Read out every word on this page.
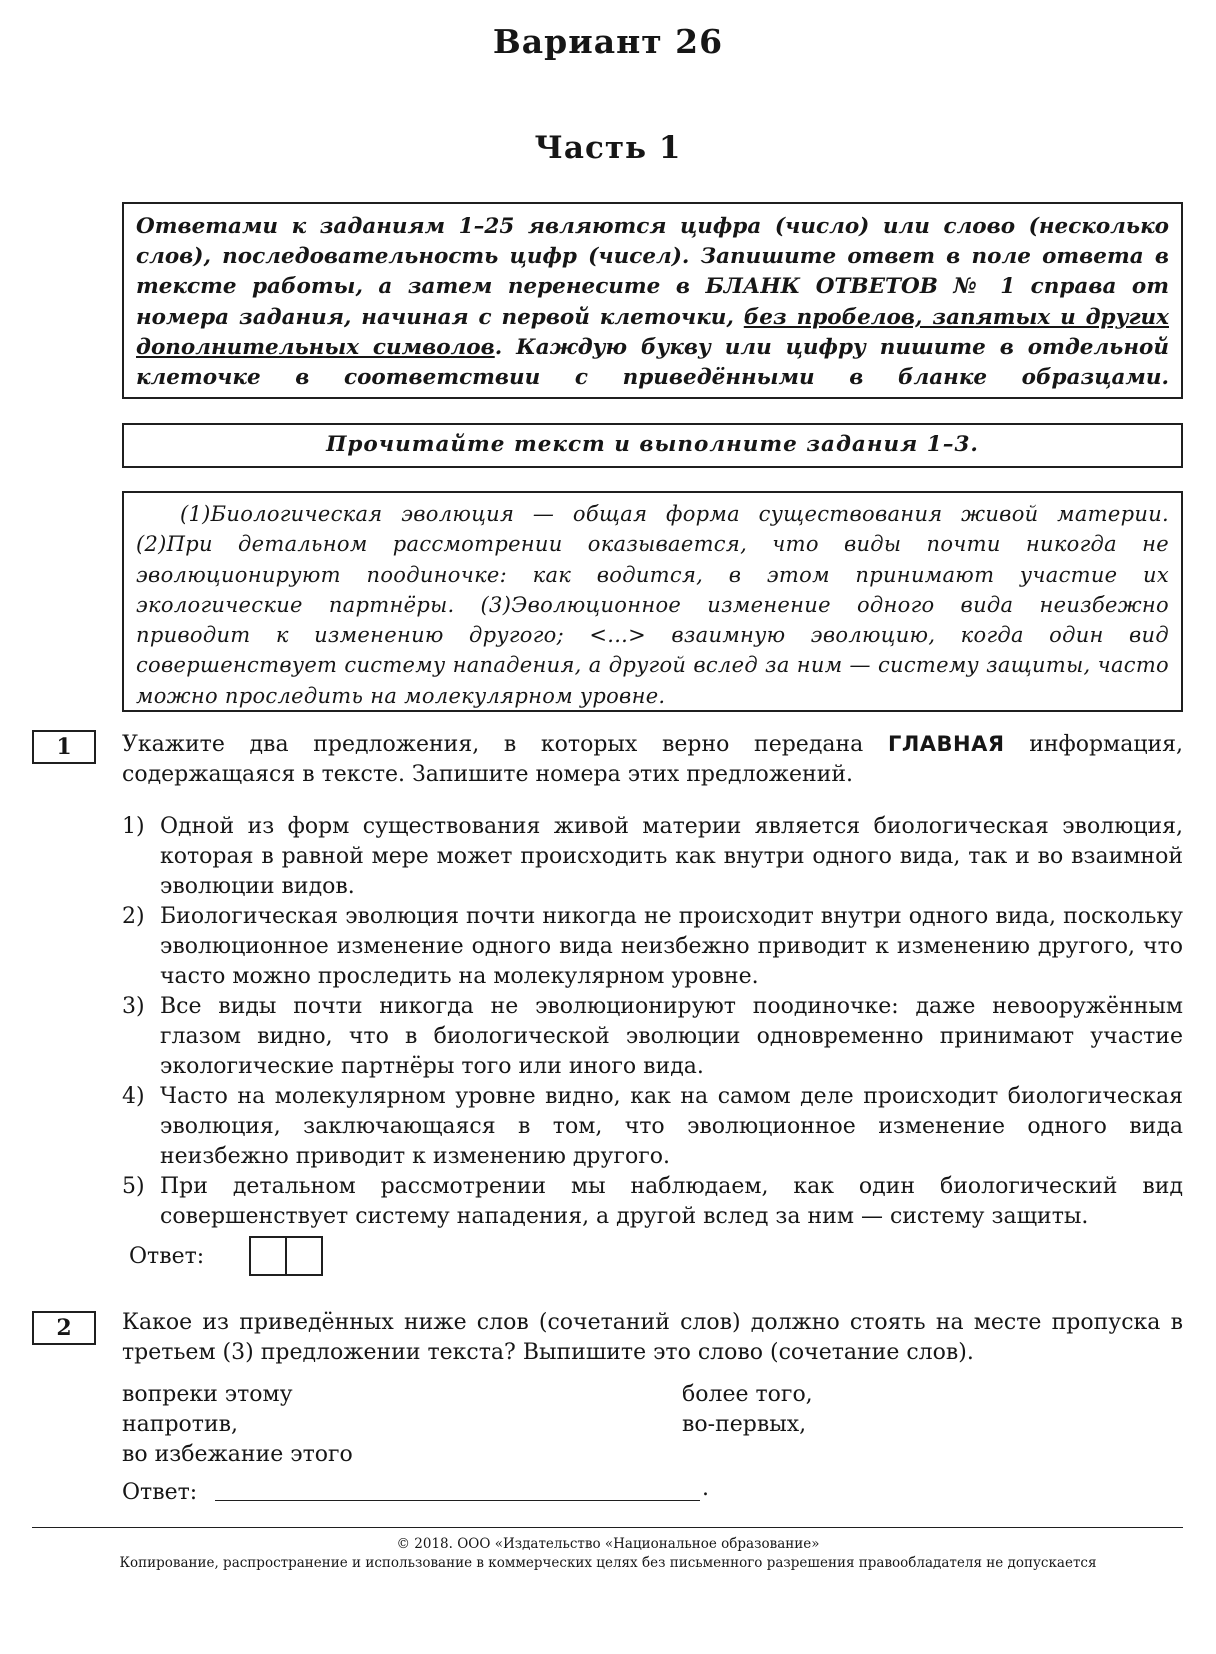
Вариант 26
Часть 1

Ответами к заданиям 1–25 являются цифра (число) или слово (несколько слов), последовательность цифр (чисел). Запишите ответ в поле ответа в тексте работы, а затем перенесите в БЛАНК ОТВЕТОВ № 1 справа от номера задания, начиная с первой клеточки, без пробелов, запятых и других дополнительных символов. Каждую букву или цифру пишите в отдельной клеточке в соответствии с приведёнными в бланке образцами.

Прочитайте текст и выполните задания 1–3.

(1)Биологическая эволюция — общая форма существования живой материи. (2)При детальном рассмотрении оказывается, что виды почти никогда не эволюционируют поодиночке: как водится, в этом принимают участие их экологические партнёры. (3)Эволюционное изменение одного вида неизбежно приводит к изменению другого; <...> взаимную эволюцию, когда один вид совершенствует систему нападения, а другой вслед за ним — систему защиты, часто можно проследить на молекулярном уровне.

1	Укажите два предложения, в которых верно передана ГЛАВНАЯ информация, содержащаяся в тексте. Запишите номера этих предложений.

1) Одной из форм существования живой материи является биологическая эволюция, которая в равной мере может происходить как внутри одного вида, так и во взаимной эволюции видов.
2) Биологическая эволюция почти никогда не происходит внутри одного вида, поскольку эволюционное изменение одного вида неизбежно приводит к изменению другого, что часто можно проследить на молекулярном уровне.
3) Все виды почти никогда не эволюционируют поодиночке: даже невооружённым глазом видно, что в биологической эволюции одновременно принимают участие экологические партнёры того или иного вида.
4) Часто на молекулярном уровне видно, как на самом деле происходит биологическая эволюция, заключающаяся в том, что эволюционное изменение одного вида неизбежно приводит к изменению другого.
5) При детальном рассмотрении мы наблюдаем, как один биологический вид совершенствует систему нападения, а другой вслед за ним — систему защиты.
Ответ:
2	Какое из приведённых ниже слов (сочетаний слов) должно стоять на месте пропуска в третьем (3) предложении текста? Выпишите это слово (сочетание слов).

вопреки этому
напротив,
во избежание этого
более того,
во-первых,
Ответ:	.
© 2018. ООО «Издательство «Национальное образование»
Копирование, распространение и использование в коммерческих целях без письменного разрешения правообладателя не допускается
